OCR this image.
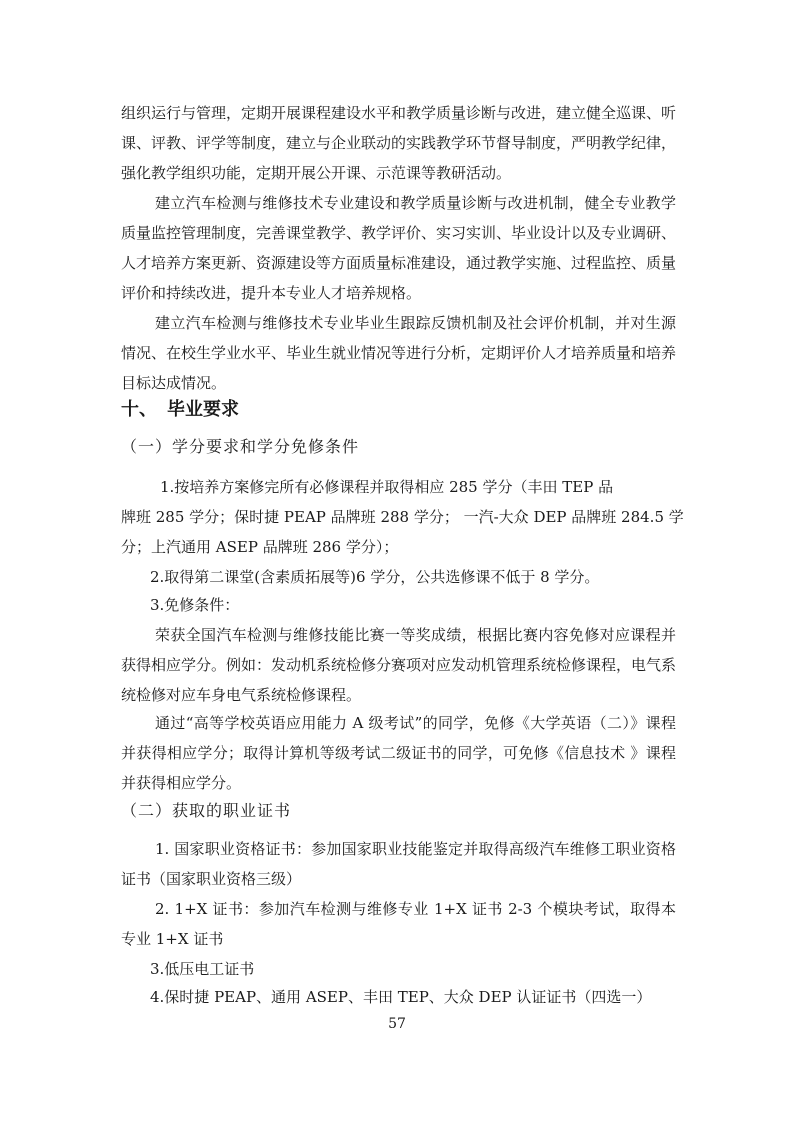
组织运行与管理，定期开展课程建设水平和教学质量诊断与改进，建立健全巡课、听课、评教、评学等制度，建立与企业联动的实践教学环节督导制度，严明教学纪律，强化教学组织功能，定期开展公开课、示范课等教研活动。

建立汽车检测与维修技术专业建设和教学质量诊断与改进机制，健全专业教学质量监控管理制度，完善课堂教学、教学评价、实习实训、毕业设计以及专业调研、人才培养方案更新、资源建设等方面质量标准建设，通过教学实施、过程监控、质量评价和持续改进，提升本专业人才培养规格。

建立汽车检测与维修技术专业毕业生跟踪反馈机制及社会评价机制，并对生源情况、在校生学业水平、毕业生就业情况等进行分析，定期评价人才培养质量和培养目标达成情况。

十、 毕业要求

（一）学分要求和学分免修条件

1.按培养方案修完所有必修课程并取得相应 285 学分（丰田 TEP 品

牌班 285 学分；保时捷 PEAP 品牌班 288 学分； 一汽-大众 DEP 品牌班 284.5 学

分；上汽通用 ASEP 品牌班 286 学分）；

2.取得第二课堂(含素质拓展等)6 学分，公共选修课不低于 8 学分。

3.免修条件：

荣获全国汽车检测与维修技能比赛一等奖成绩，根据比赛内容免修对应课程并获得相应学分。例如：发动机系统检修分赛项对应发动机管理系统检修课程，电气系统检修对应车身电气系统检修课程。

通过“高等学校英语应用能力 A 级考试”的同学，免修《大学英语（二）》课程并获得相应学分；取得计算机等级考试二级证书的同学，可免修《信息技术 》课程并获得相应学分。

（二）获取的职业证书

1. 国家职业资格证书：参加国家职业技能鉴定并取得高级汽车维修工职业资格证书（国家职业资格三级）

2. 1+X 证书：参加汽车检测与维修专业 1+X 证书 2-3 个模块考试，取得本专业 1+X 证书

3.低压电工证书

4.保时捷 PEAP、通用 ASEP、丰田 TEP、大众 DEP 认证证书（四选一）

57
